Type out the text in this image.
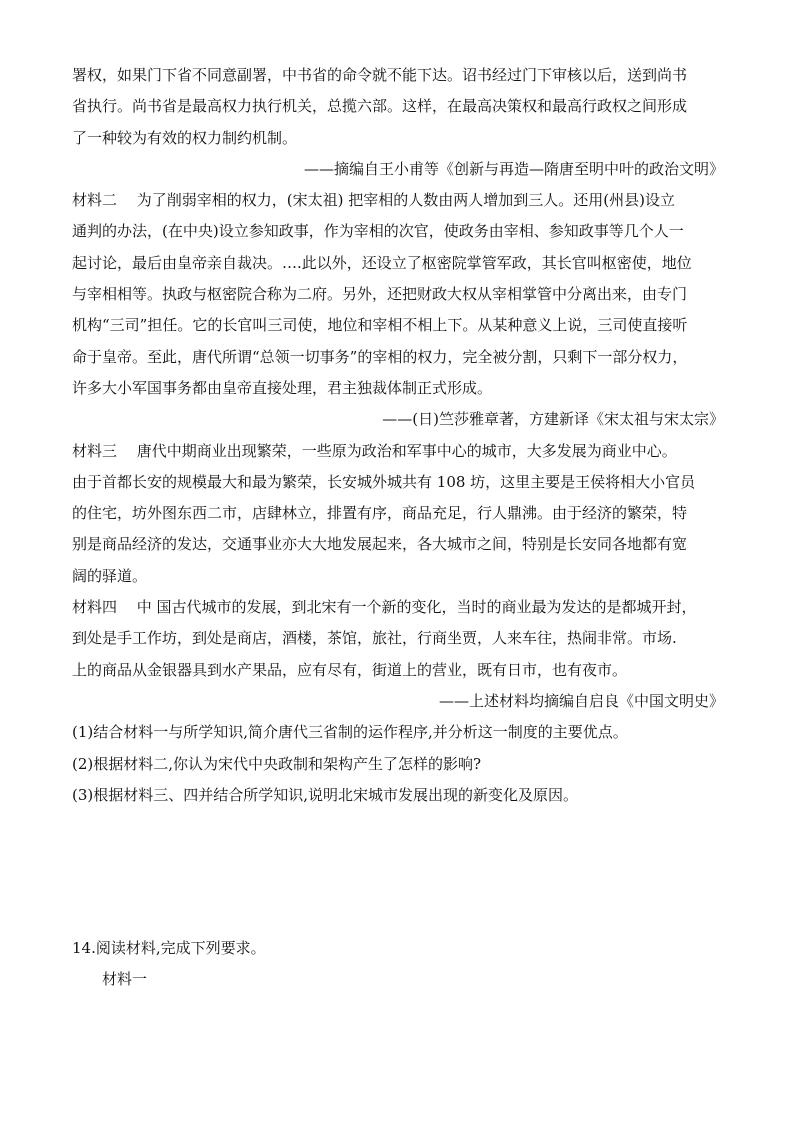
署权，如果门下省不同意副署，中书省的命令就不能下达。诏书经过门下审核以后，送到尚书
省执行。尚书省是最高权力执行机关，总揽六部。这样，在最高决策权和最高行政权之间形成
了一种较为有效的权力制约机制。
——摘编自王小甫等《创新与再造—隋唐至明中叶的政治文明》
材料二　 为了削弱宰相的权力，(宋太祖) 把宰相的人数由两人增加到三人。还用(州县)设立
通判的办法，(在中央)设立参知政事，作为宰相的次官，使政务由宰相、参知政事等几个人一
起讨论，最后由皇帝亲自裁决。….此以外，还设立了枢密院掌管军政，其长官叫枢密使，地位
与宰相相等。执政与枢密院合称为二府。另外，还把财政大权从宰相掌管中分离出来，由专门
机构“三司”担任。它的长官叫三司使，地位和宰相不相上下。从某种意义上说，三司使直接听
命于皇帝。至此，唐代所谓“总领一切事务”的宰相的权力，完全被分割，只剩下一部分权力，
许多大小军国事务都由皇帝直接处理，君主独裁体制正式形成。
——(日)竺莎雅章著，方建新译《宋太祖与宋太宗》
材料三　 唐代中期商业出现繁荣，一些原为政治和军事中心的城市，大多发展为商业中心。
由于首都长安的规模最大和最为繁荣，长安城外城共有 108 坊，这里主要是王侯将相大小官员
的住宅，坊外图东西二市，店肆林立，排置有序，商品充足，行人鼎沸。由于经济的繁荣，特
别是商品经济的发达，交通事业亦大大地发展起来，各大城市之间，特别是长安同各地都有宽
阔的驿道。
材料四　 中 国古代城市的发展，到北宋有一个新的变化，当时的商业最为发达的是都城开封，
到处是手工作坊，到处是商店，酒楼，茶馆，旅社，行商坐贾，人来车往，热闹非常。市场.
上的商品从金银器具到水产果品，应有尽有，街道上的营业，既有日市，也有夜市。
——上述材料均摘编自启良《中国文明史》
(1)结合材料一与所学知识,简介唐代三省制的运作程序,并分析这一制度的主要优点。
(2)根据材料二,你认为宋代中央政制和架构产生了怎样的影响?
(3)根据材料三、四并结合所学知识,说明北宋城市发展出现的新变化及原因。
14.阅读材料,完成下列要求。
材料一
